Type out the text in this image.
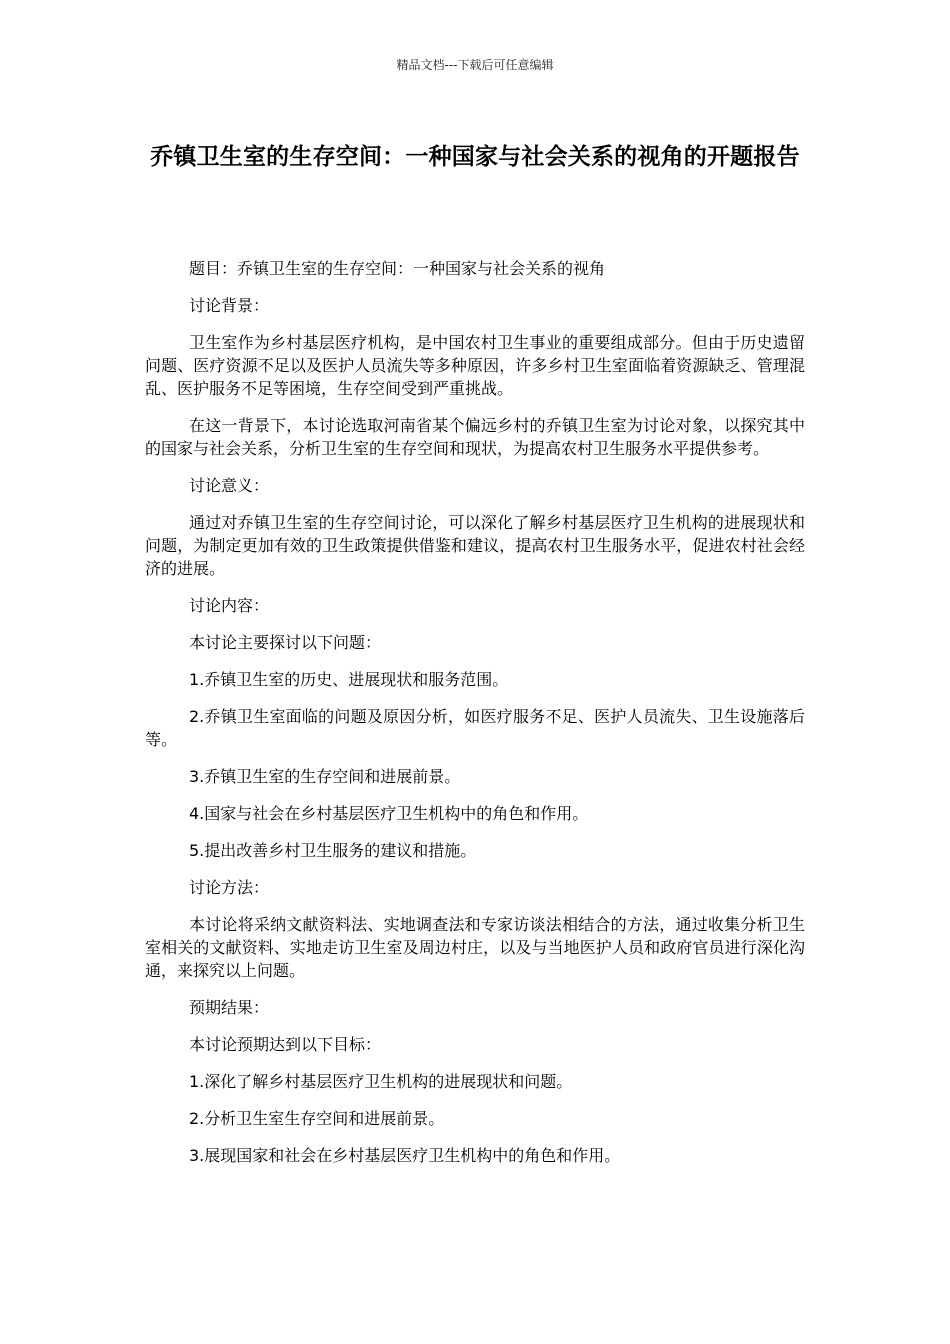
精品文档---下载后可任意编辑
乔镇卫生室的生存空间：一种国家与社会关系的视角的开题报告

题目：乔镇卫生室的生存空间：一种国家与社会关系的视角

讨论背景：

卫生室作为乡村基层医疗机构，是中国农村卫生事业的重要组成部分。但由于历史遗留问题、医疗资源不足以及医护人员流失等多种原因，许多乡村卫生室面临着资源缺乏、管理混乱、医护服务不足等困境，生存空间受到严重挑战。

在这一背景下，本讨论选取河南省某个偏远乡村的乔镇卫生室为讨论对象，以探究其中的国家与社会关系，分析卫生室的生存空间和现状，为提高农村卫生服务水平提供参考。

讨论意义：

通过对乔镇卫生室的生存空间讨论，可以深化了解乡村基层医疗卫生机构的进展现状和问题，为制定更加有效的卫生政策提供借鉴和建议，提高农村卫生服务水平，促进农村社会经济的进展。

讨论内容：

本讨论主要探讨以下问题：

1.乔镇卫生室的历史、进展现状和服务范围。

2.乔镇卫生室面临的问题及原因分析，如医疗服务不足、医护人员流失、卫生设施落后等。

3.乔镇卫生室的生存空间和进展前景。

4.国家与社会在乡村基层医疗卫生机构中的角色和作用。

5.提出改善乡村卫生服务的建议和措施。

讨论方法：

本讨论将采纳文献资料法、实地调查法和专家访谈法相结合的方法，通过收集分析卫生室相关的文献资料、实地走访卫生室及周边村庄，以及与当地医护人员和政府官员进行深化沟通，来探究以上问题。

预期结果：

本讨论预期达到以下目标：

1.深化了解乡村基层医疗卫生机构的进展现状和问题。

2.分析卫生室生存空间和进展前景。

3.展现国家和社会在乡村基层医疗卫生机构中的角色和作用。
